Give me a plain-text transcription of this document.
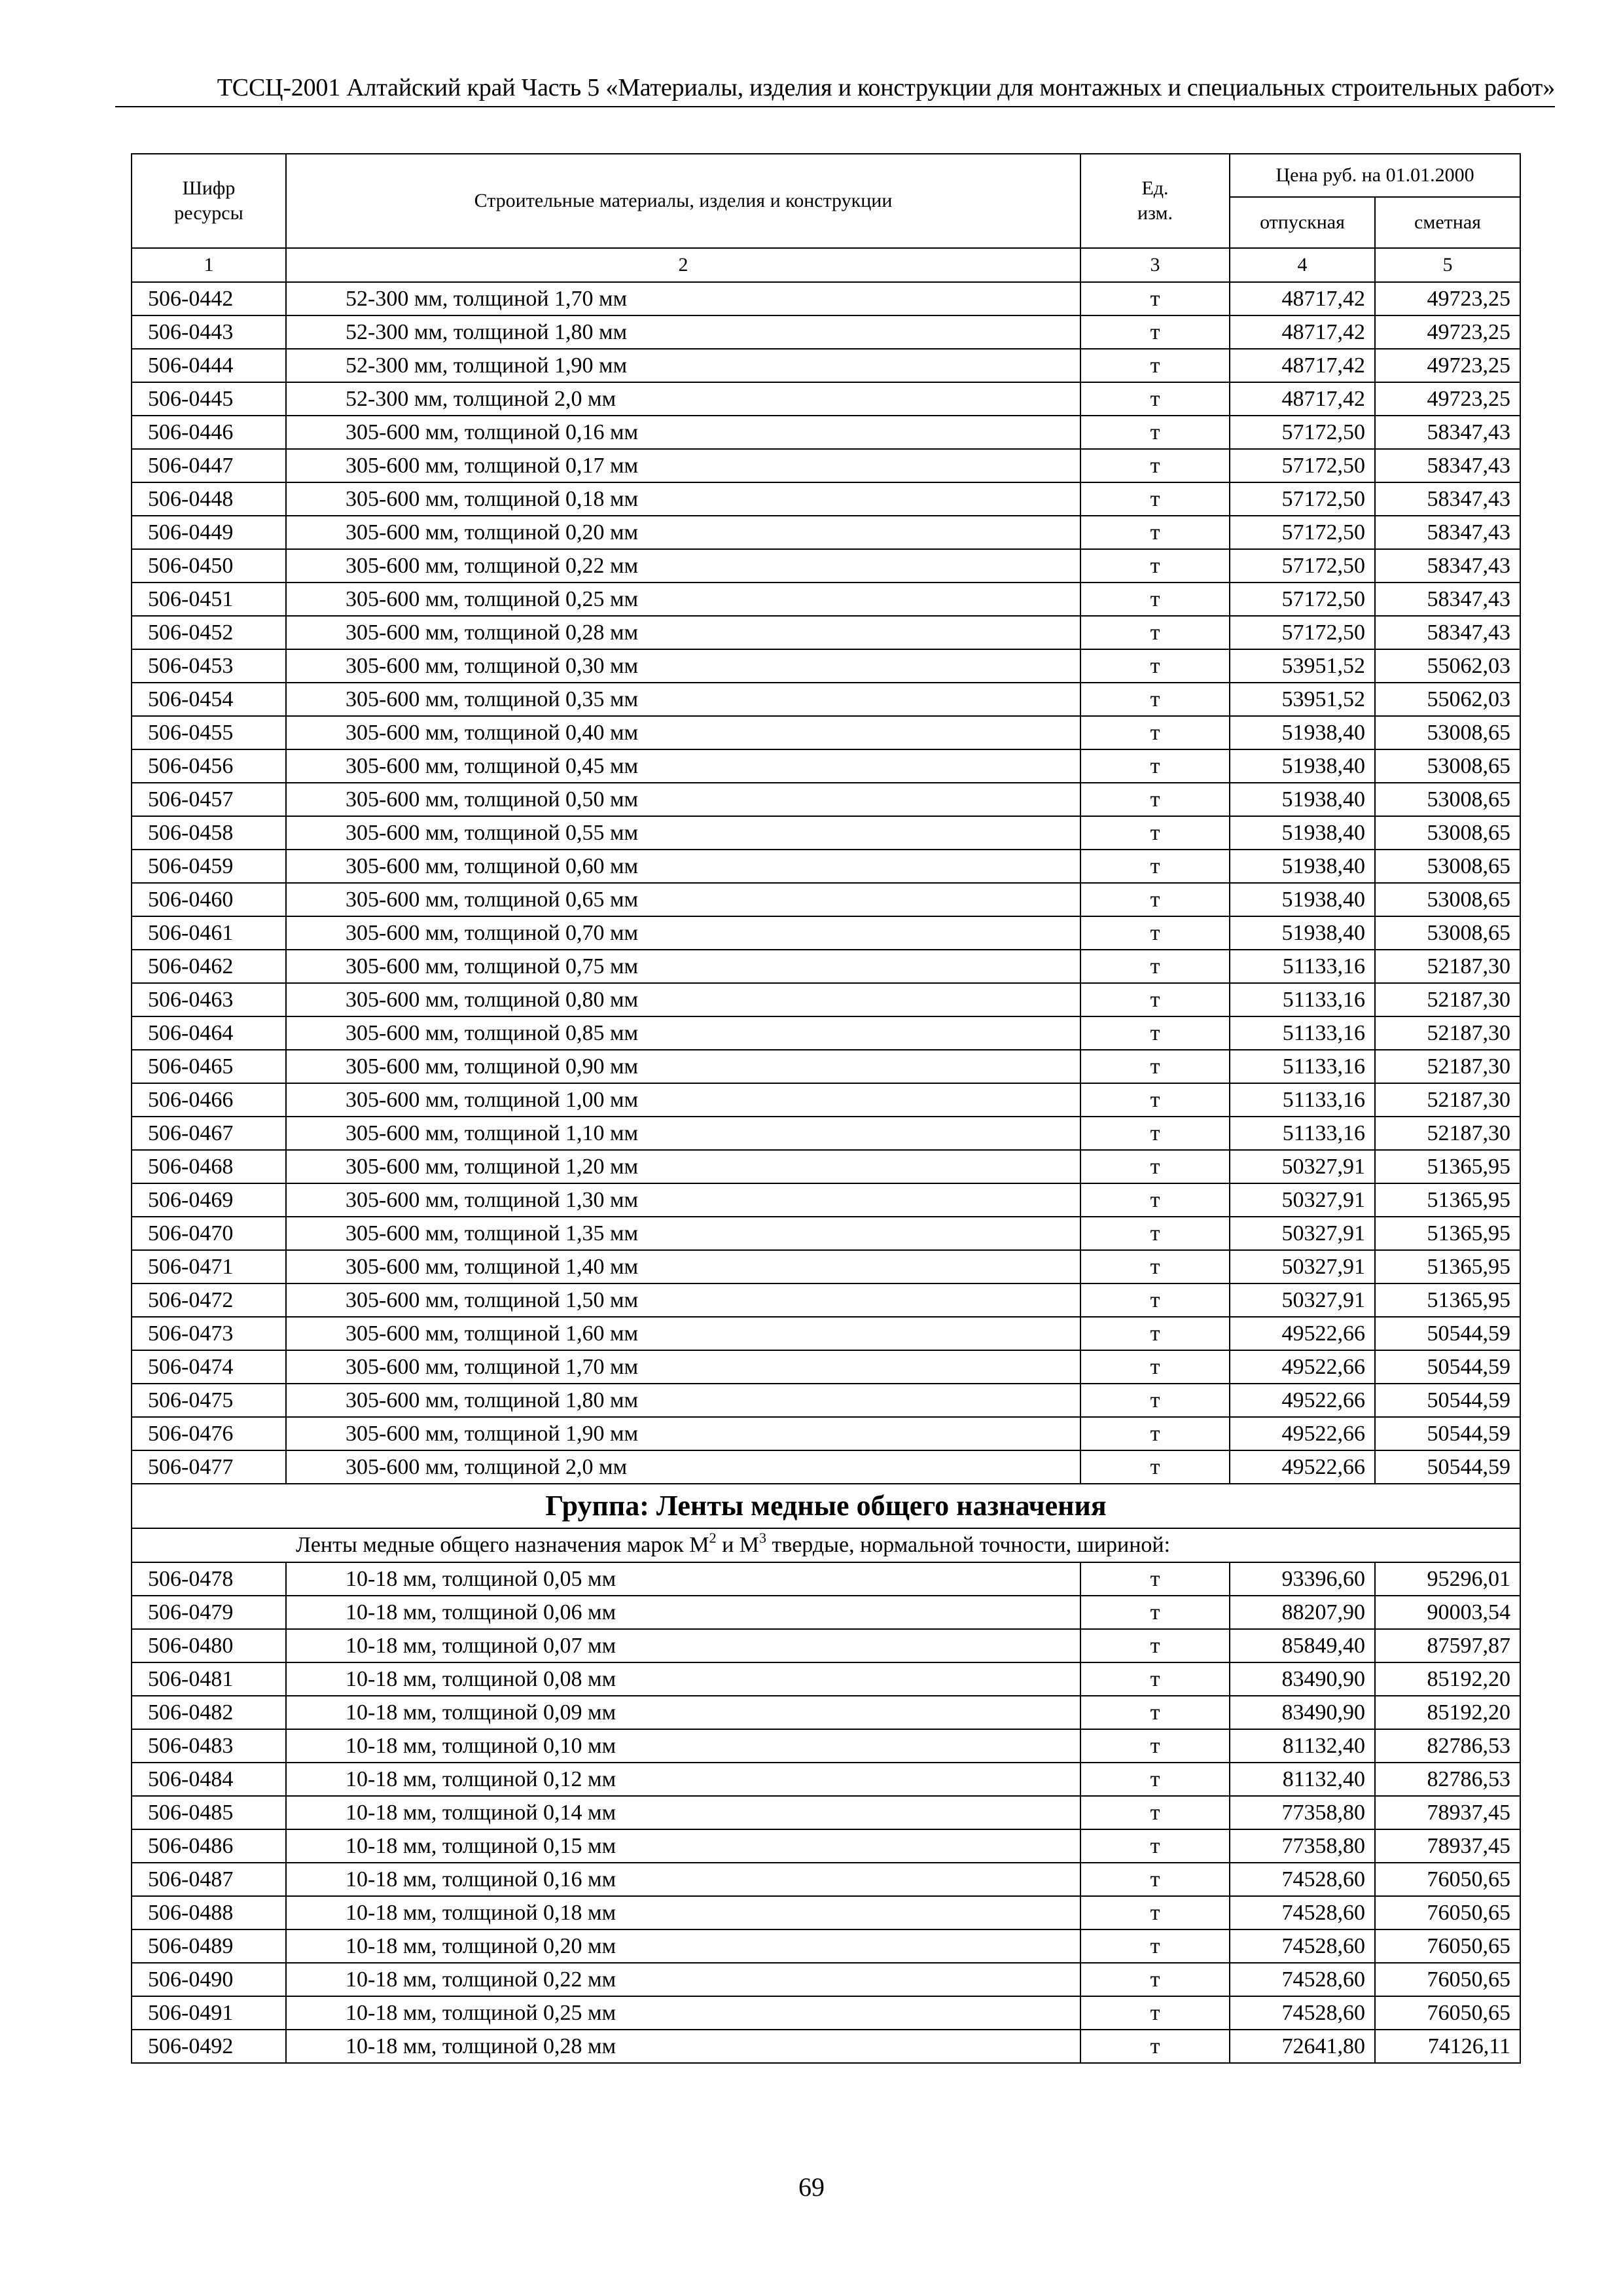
ТССЦ-2001 Алтайский край Часть 5 «Материалы, изделия и конструкции для монтажных и специальных строительных работ»
Шифр ресурсы	Строительные материалы, изделия и конструкции	Ед. изм.	Цена руб. на 01.01.2000	
			отпускная	сметная
1	2	3	4	5
506-0442	52-300 мм, толщиной 1,70 мм	т	48717,42	49723,25
506-0443	52-300 мм, толщиной 1,80 мм	т	48717,42	49723,25
506-0444	52-300 мм, толщиной 1,90 мм	т	48717,42	49723,25
506-0445	52-300 мм, толщиной 2,0 мм	т	48717,42	49723,25
506-0446	305-600 мм, толщиной 0,16 мм	т	57172,50	58347,43
506-0447	305-600 мм, толщиной 0,17 мм	т	57172,50	58347,43
506-0448	305-600 мм, толщиной 0,18 мм	т	57172,50	58347,43
506-0449	305-600 мм, толщиной 0,20 мм	т	57172,50	58347,43
506-0450	305-600 мм, толщиной 0,22 мм	т	57172,50	58347,43
506-0451	305-600 мм, толщиной 0,25 мм	т	57172,50	58347,43
506-0452	305-600 мм, толщиной 0,28 мм	т	57172,50	58347,43
506-0453	305-600 мм, толщиной 0,30 мм	т	53951,52	55062,03
506-0454	305-600 мм, толщиной 0,35 мм	т	53951,52	55062,03
506-0455	305-600 мм, толщиной 0,40 мм	т	51938,40	53008,65
506-0456	305-600 мм, толщиной 0,45 мм	т	51938,40	53008,65
506-0457	305-600 мм, толщиной 0,50 мм	т	51938,40	53008,65
506-0458	305-600 мм, толщиной 0,55 мм	т	51938,40	53008,65
506-0459	305-600 мм, толщиной 0,60 мм	т	51938,40	53008,65
506-0460	305-600 мм, толщиной 0,65 мм	т	51938,40	53008,65
506-0461	305-600 мм, толщиной 0,70 мм	т	51938,40	53008,65
506-0462	305-600 мм, толщиной 0,75 мм	т	51133,16	52187,30
506-0463	305-600 мм, толщиной 0,80 мм	т	51133,16	52187,30
506-0464	305-600 мм, толщиной 0,85 мм	т	51133,16	52187,30
506-0465	305-600 мм, толщиной 0,90 мм	т	51133,16	52187,30
506-0466	305-600 мм, толщиной 1,00 мм	т	51133,16	52187,30
506-0467	305-600 мм, толщиной 1,10 мм	т	51133,16	52187,30
506-0468	305-600 мм, толщиной 1,20 мм	т	50327,91	51365,95
506-0469	305-600 мм, толщиной 1,30 мм	т	50327,91	51365,95
506-0470	305-600 мм, толщиной 1,35 мм	т	50327,91	51365,95
506-0471	305-600 мм, толщиной 1,40 мм	т	50327,91	51365,95
506-0472	305-600 мм, толщиной 1,50 мм	т	50327,91	51365,95
506-0473	305-600 мм, толщиной 1,60 мм	т	49522,66	50544,59
506-0474	305-600 мм, толщиной 1,70 мм	т	49522,66	50544,59
506-0475	305-600 мм, толщиной 1,80 мм	т	49522,66	50544,59
506-0476	305-600 мм, толщиной 1,90 мм	т	49522,66	50544,59
506-0477	305-600 мм, толщиной 2,0 мм	т	49522,66	50544,59
Группа: Ленты медные общего назначения				
Ленты медные общего назначения марок $М^2$ и $М^3$ твердые, нормальной точности, шириной:				
506-0478	10-18 мм, толщиной 0,05 мм	т	93396,60	95296,01
506-0479	10-18 мм, толщиной 0,06 мм	т	88207,90	90003,54
506-0480	10-18 мм, толщиной 0,07 мм	т	85849,40	87597,87
506-0481	10-18 мм, толщиной 0,08 мм	т	83490,90	85192,20
506-0482	10-18 мм, толщиной 0,09 мм	т	83490,90	85192,20
506-0483	10-18 мм, толщиной 0,10 мм	т	81132,40	82786,53
506-0484	10-18 мм, толщиной 0,12 мм	т	81132,40	82786,53
506-0485	10-18 мм, толщиной 0,14 мм	т	77358,80	78937,45
506-0486	10-18 мм, толщиной 0,15 мм	т	77358,80	78937,45
506-0487	10-18 мм, толщиной 0,16 мм	т	74528,60	76050,65
506-0488	10-18 мм, толщиной 0,18 мм	т	74528,60	76050,65
506-0489	10-18 мм, толщиной 0,20 мм	т	74528,60	76050,65
506-0490	10-18 мм, толщиной 0,22 мм	т	74528,60	76050,65
506-0491	10-18 мм, толщиной 0,25 мм	т	74528,60	76050,65
506-0492	10-18 мм, толщиной 0,28 мм	т	72641,80	74126,11
69
